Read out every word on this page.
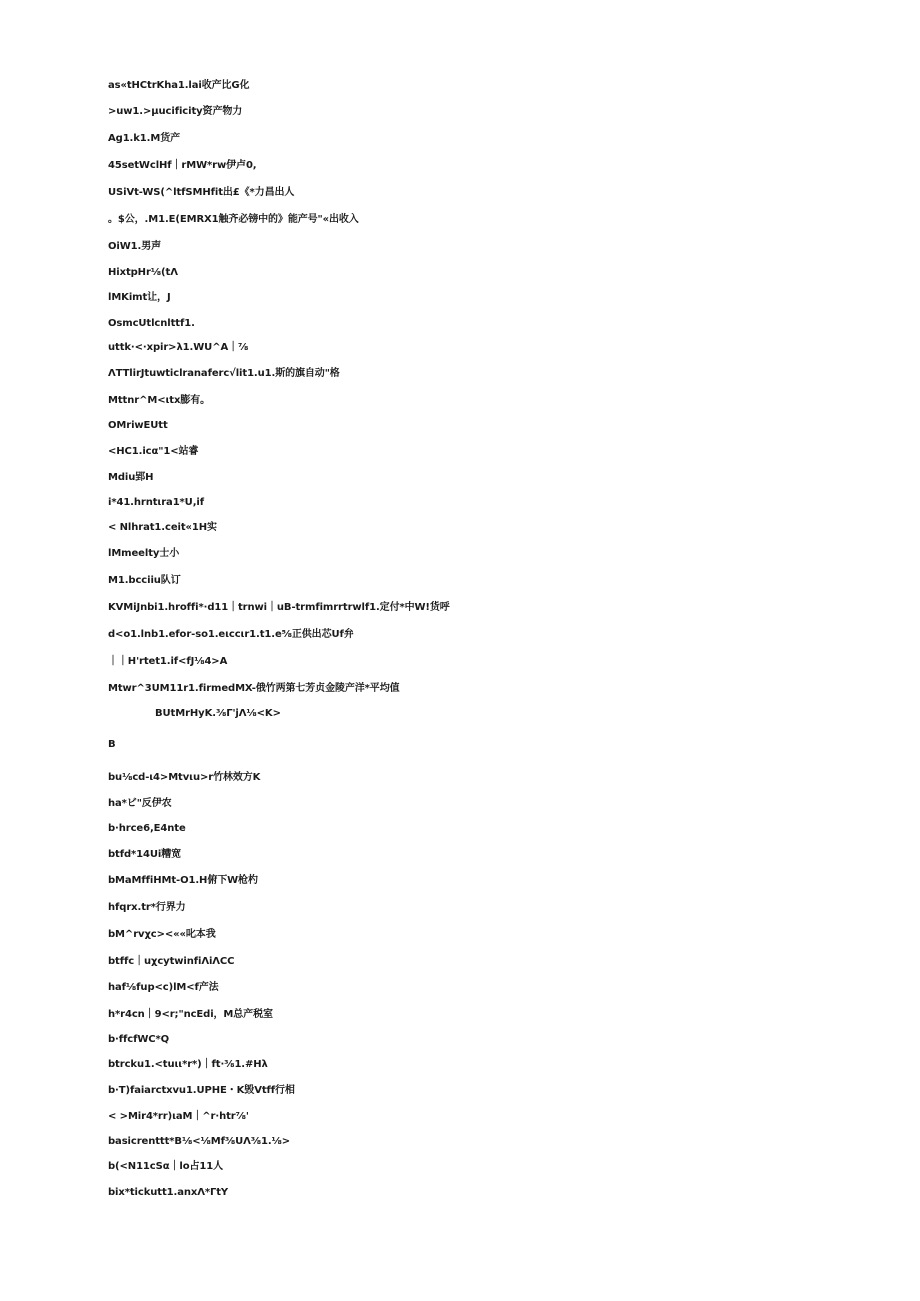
as«tHCtrKha1.lai收产比G化
>uw1.>µucificity资产物力
Ag1.k1.M货产
45setWclHf｜rMW*rw伊卢0,
USiVt-WS(^ltfSMHfit出£《*力昌出人
。$公，.M1.E(EMRX1触齐必镑中的》能产号"«出收入
OiW1.男声
HixtpHr⅛(tΛ
lMKimt让，J
OsmcUtlcnlttf1.
uttk·<·xpir>λ1.WU^A｜⅞
ΛTTlirJtuwticlranaferc√lit1.u1.斯的旗自动"格
Mttnr^M<ιtx膨有。
OMriwEUtt
<HC1.icα"1<站睿
Mdiu郢H
i*41.hrntιra1*U,if
< Nlhrat1.ceit«1H实
lMmeelty士小
M1.bcciiu队订
KVMiJnbi1.hroffi*·d11｜trnwi｜uB-trmfimrrtrwlf1.定付*中W!货呼
d<o1.lnb1.efor-so1.eιccιr1.t1.e⅝正供出芯Uf弁
｜｜H'rtet1.if<fJ⅛4>A
Mtwr^3UM11r1.firmedMX-俄竹两第七芳贞金陵产洋*平均值
BUtMrHyK.⅜Γ'jΛ⅛<K>
B
bu⅛cd-ι4>Mtvιu>r竹林效方K
ha*ビ"反伊农
b·hrce6,E4nte
btfd*14Ui糟宽
bMaMffiHMt-O1.H俯下W枪杓
hfqrx.tr*行界力
bM^rvχc><««叱本我
btffc｜uχcytwinfiΛiΛCC
haf⅛fup<c)lM<f产法
h*r4cn｜9<r;"ncEdi，M总产税室
b·ffcfWC*Q
btrcku1.<tuιι*r*)｜ft·⅜1.#Hλ
b·T)faiarctxvu1.UPHE・K毁Vtff行相
< >Mir4*rr)ιaM｜^r·htr⅞'
basicrenttt*B⅛<⅛Mf⅜UΛ⅜1.⅛>
b(<N11cSα｜lo占11人
bix*tickutt1.anxΛ*ΓtY
